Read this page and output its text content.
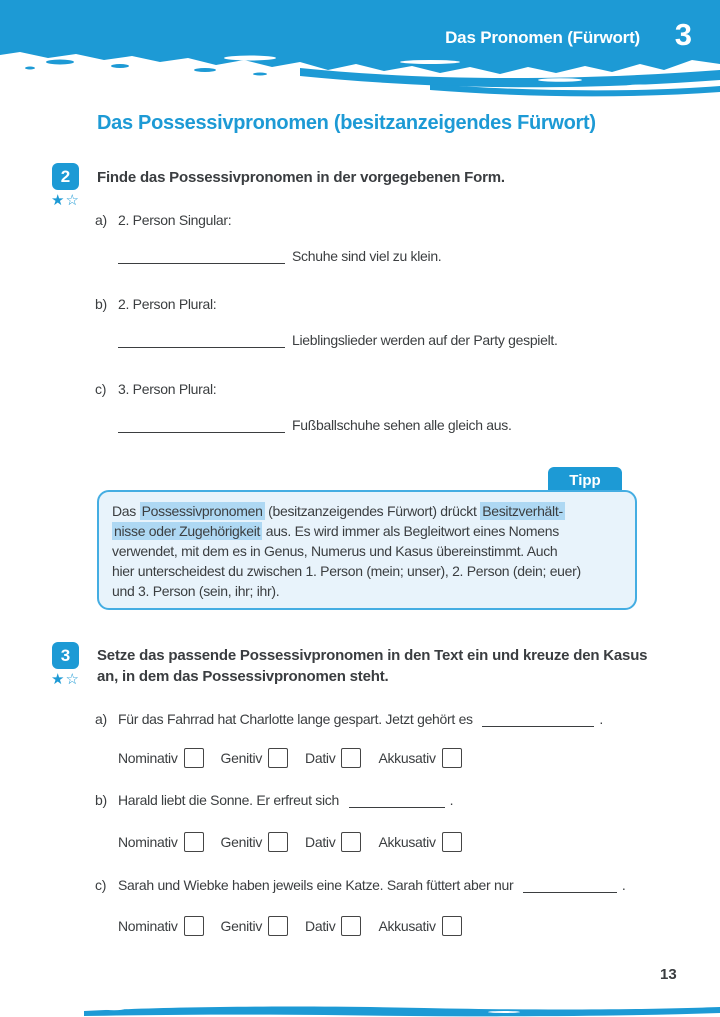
Das Pronomen (Fürwort) 3
Das Possessivpronomen (besitzanzeigendes Fürwort)
2
★☆
Finde das Possessivpronomen in der vorgegebenen Form.
a) 2. Person Singular:
Schuhe sind viel zu klein.
b) 2. Person Plural:
Lieblingslieder werden auf der Party gespielt.
c) 3. Person Plural:
Fußballschuhe sehen alle gleich aus.
Tipp
Das Possessivpronomen (besitzanzeigendes Fürwort) drückt Besitzverhält-
nisse oder Zugehörigkeit aus. Es wird immer als Begleitwort eines Nomens
verwendet, mit dem es in Genus, Numerus und Kasus übereinstimmt. Auch
hier unterscheidest du zwischen 1. Person (mein; unser), 2. Person (dein; euer)
und 3. Person (sein, ihr; ihr).
3
★☆
Setze das passende Possessivpronomen in den Text ein und kreuze den Kasus
an, in dem das Possessivpronomen steht.
a) Für das Fahrrad hat Charlotte lange gespart. Jetzt gehört es	.
Nominativ	Genitiv	Dativ	Akkusativ
b) Harald liebt die Sonne. Er erfreut sich	.
Nominativ	Genitiv	Dativ	Akkusativ
c) Sarah und Wiebke haben jeweils eine Katze. Sarah füttert aber nur	.
Nominativ	Genitiv	Dativ	Akkusativ
13
